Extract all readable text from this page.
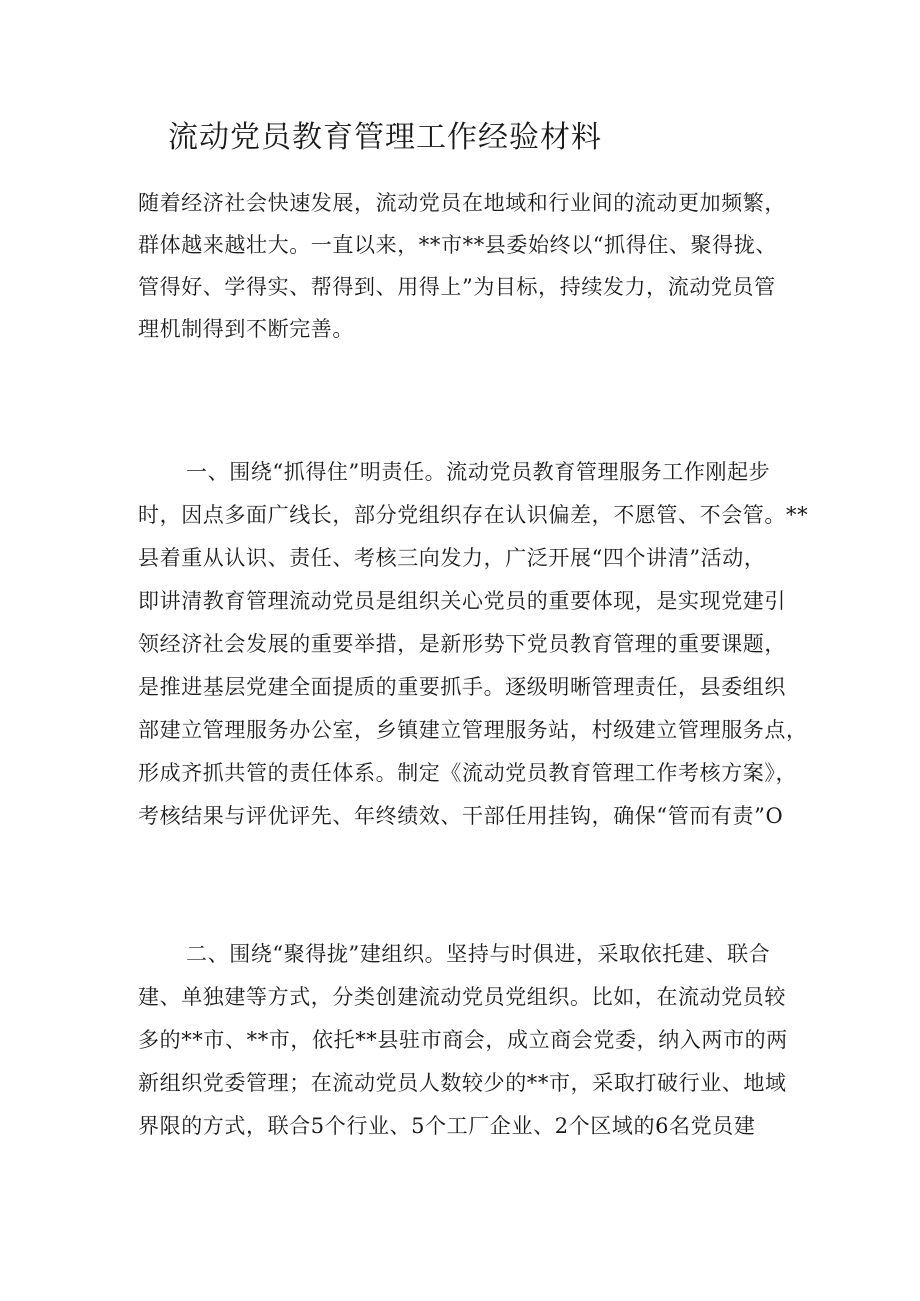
流动党员教育管理工作经验材料
随着经济社会快速发展，流动党员在地域和行业间的流动更加频繁，
群体越来越壮大。一直以来，**市**县委始终以“抓得住、聚得拢、
管得好、学得实、帮得到、用得上”为目标，持续发力，流动党员管
理机制得到不断完善。
一、围绕“抓得住”明责任。流动党员教育管理服务工作刚起步
时，因点多面广线长，部分党组织存在认识偏差，不愿管、不会管。**
县着重从认识、责任、考核三向发力，广泛开展“四个讲清”活动，
即讲清教育管理流动党员是组织关心党员的重要体现，是实现党建引
领经济社会发展的重要举措，是新形势下党员教育管理的重要课题，
是推进基层党建全面提质的重要抓手。逐级明晰管理责任，县委组织
部建立管理服务办公室，乡镇建立管理服务站，村级建立管理服务点，
形成齐抓共管的责任体系。制定《流动党员教育管理工作考核方案》，
考核结果与评优评先、年终绩效、干部任用挂钩，确保“管而有责”O
二、围绕“聚得拢”建组织。坚持与时俱进，采取依托建、联合
建、单独建等方式，分类创建流动党员党组织。比如，在流动党员较
多的**市、**市，依托**县驻市商会，成立商会党委，纳入两市的两
新组织党委管理；在流动党员人数较少的**市，采取打破行业、地域
界限的方式，联合5个行业、5个工厂企业、2个区域的6名党员建
